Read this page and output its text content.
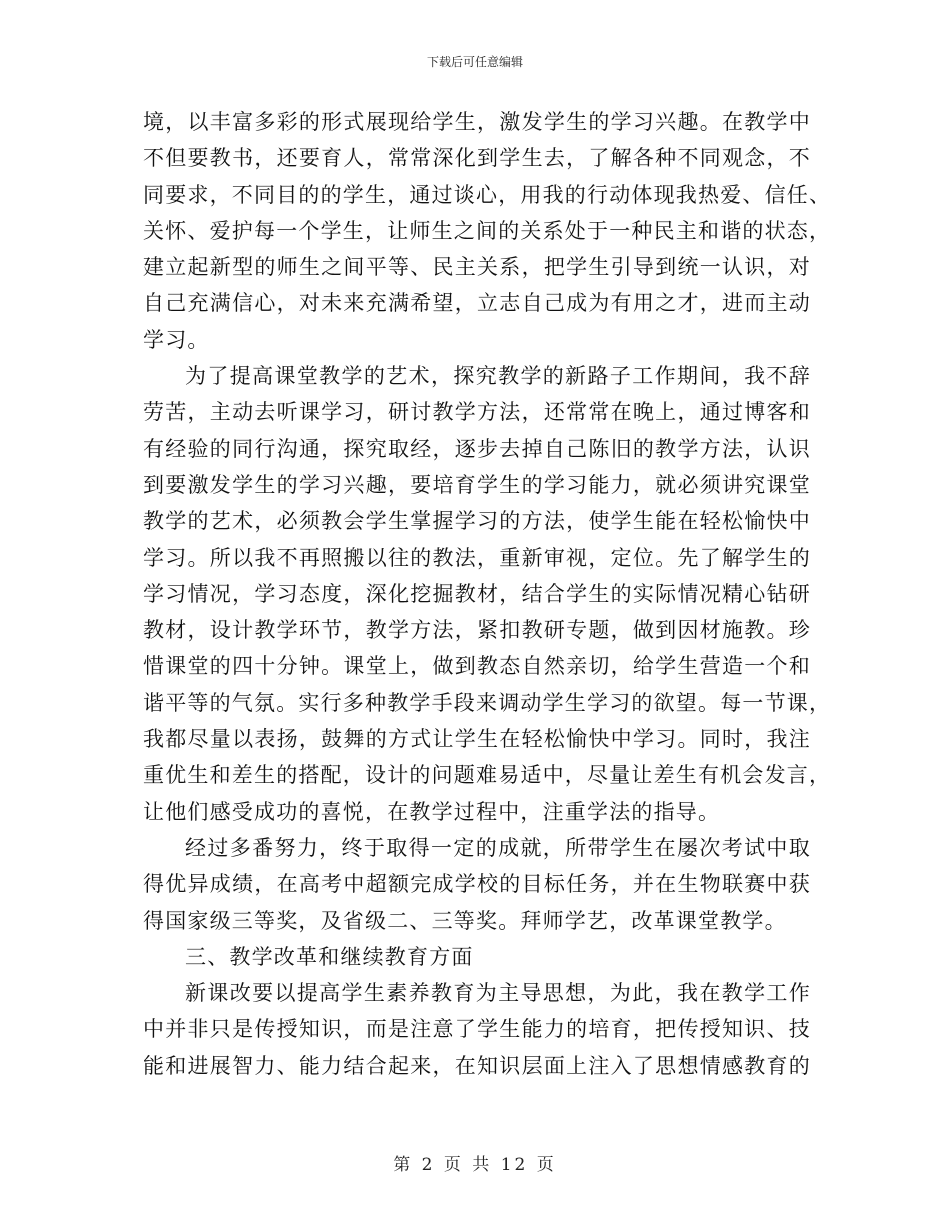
下载后可任意编辑
境，以丰富多彩的形式展现给学生，激发学生的学习兴趣。在教学中
不但要教书，还要育人，常常深化到学生去，了解各种不同观念，不
同要求，不同目的的学生，通过谈心，用我的行动体现我热爱、信任、
关怀、爱护每一个学生，让师生之间的关系处于一种民主和谐的状态，
建立起新型的师生之间平等、民主关系，把学生引导到统一认识，对
自己充满信心，对未来充满希望，立志自己成为有用之才，进而主动
学习。
为了提高课堂教学的艺术，探究教学的新路子工作期间，我不辞
劳苦，主动去听课学习，研讨教学方法，还常常在晚上，通过博客和
有经验的同行沟通，探究取经，逐步去掉自己陈旧的教学方法，认识
到要激发学生的学习兴趣，要培育学生的学习能力，就必须讲究课堂
教学的艺术，必须教会学生掌握学习的方法，使学生能在轻松愉快中
学习。所以我不再照搬以往的教法，重新审视，定位。先了解学生的
学习情况，学习态度，深化挖掘教材，结合学生的实际情况精心钻研
教材，设计教学环节，教学方法，紧扣教研专题，做到因材施教。珍
惜课堂的四十分钟。课堂上，做到教态自然亲切，给学生营造一个和
谐平等的气氛。实行多种教学手段来调动学生学习的欲望。每一节课，
我都尽量以表扬，鼓舞的方式让学生在轻松愉快中学习。同时，我注
重优生和差生的搭配，设计的问题难易适中，尽量让差生有机会发言，
让他们感受成功的喜悦，在教学过程中，注重学法的指导。
经过多番努力，终于取得一定的成就，所带学生在屡次考试中取
得优异成绩，在高考中超额完成学校的目标任务，并在生物联赛中获
得国家级三等奖，及省级二、三等奖。拜师学艺，改革课堂教学。
三、教学改革和继续教育方面
新课改要以提高学生素养教育为主导思想，为此，我在教学工作
中并非只是传授知识，而是注意了学生能力的培育，把传授知识、技
能和进展智力、能力结合起来，在知识层面上注入了思想情感教育的
第 2 页 共 12 页
